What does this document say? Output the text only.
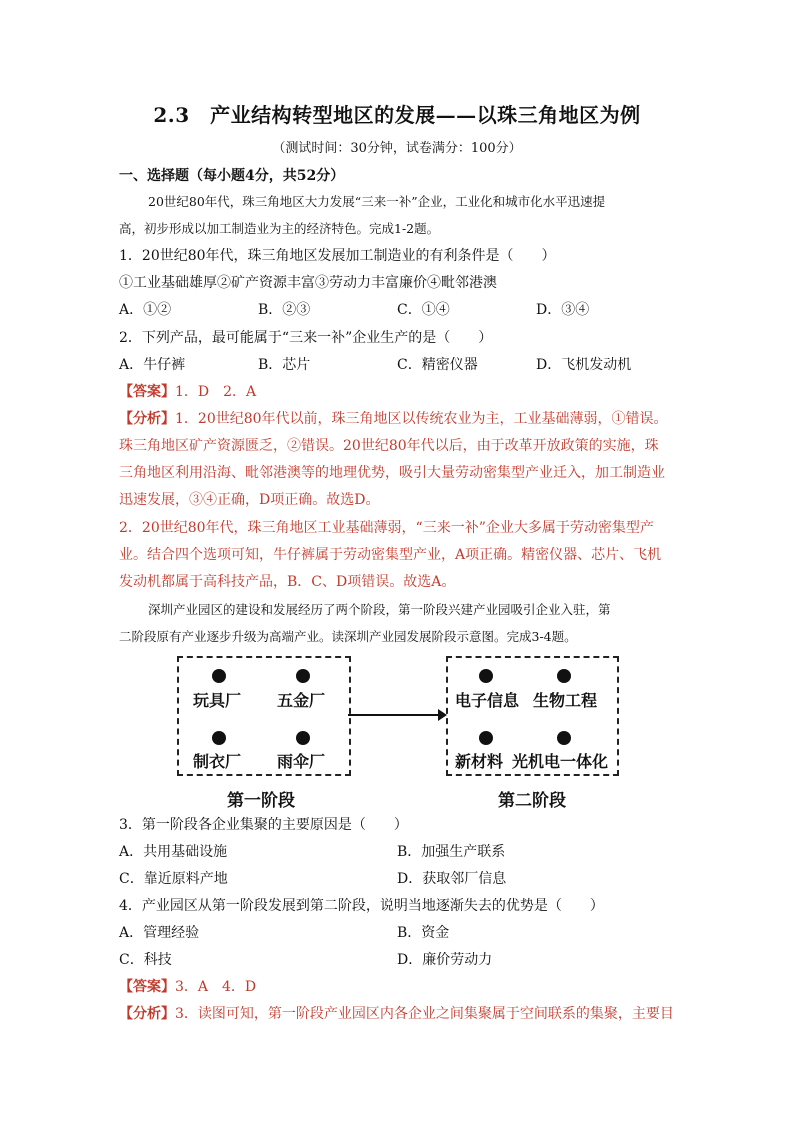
2.3　产业结构转型地区的发展——以珠三角地区为例
（测试时间：30分钟，试卷满分：100分）
一、选择题（每小题4分，共52分）
20世纪80年代，珠三角地区大力发展“三来一补”企业，工业化和城市化水平迅速提
高，初步形成以加工制造业为主的经济特色。完成1-2题。
1．20世纪80年代，珠三角地区发展加工制造业的有利条件是（　　）
①工业基础雄厚②矿产资源丰富③劳动力丰富廉价④毗邻港澳
A．①②	B．②③	C．①④	D．③④
2．下列产品，最可能属于“三来一补”企业生产的是（　　）
A．牛仔裤	B．芯片	C．精密仪器	D．飞机发动机
【答案】1．D　2．A
【分析】1．20世纪80年代以前，珠三角地区以传统农业为主，工业基础薄弱，①错误。
珠三角地区矿产资源匮乏，②错误。20世纪80年代以后，由于改革开放政策的实施，珠
三角地区利用沿海、毗邻港澳等的地理优势，吸引大量劳动密集型产业迁入，加工制造业
迅速发展，③④正确，D项正确。故选D。
2．20世纪80年代，珠三角地区工业基础薄弱，“三来一补”企业大多属于劳动密集型产
业。结合四个选项可知，牛仔裤属于劳动密集型产业，A项正确。精密仪器、芯片、飞机
发动机都属于高科技产品，B．C、D项错误。故选A。
深圳产业园区的建设和发展经历了两个阶段，第一阶段兴建产业园吸引企业入驻，第
二阶段原有产业逐步升级为高端产业。读深圳产业园发展阶段示意图。完成3-4题。
玩具厂 五金厂
制衣厂 雨伞厂
电子信息 生物工程
新材料 光机电一体化
第一阶段	第二阶段
3．第一阶段各企业集聚的主要原因是（　　）
A．共用基础设施	B．加强生产联系
C．靠近原料产地	D．获取邻厂信息
4．产业园区从第一阶段发展到第二阶段，说明当地逐渐失去的优势是（　　）
A．管理经验	B．资金
C．科技	D．廉价劳动力
【答案】3．A　4．D
【分析】3．读图可知，第一阶段产业园区内各企业之间集聚属于空间联系的集聚，主要目
